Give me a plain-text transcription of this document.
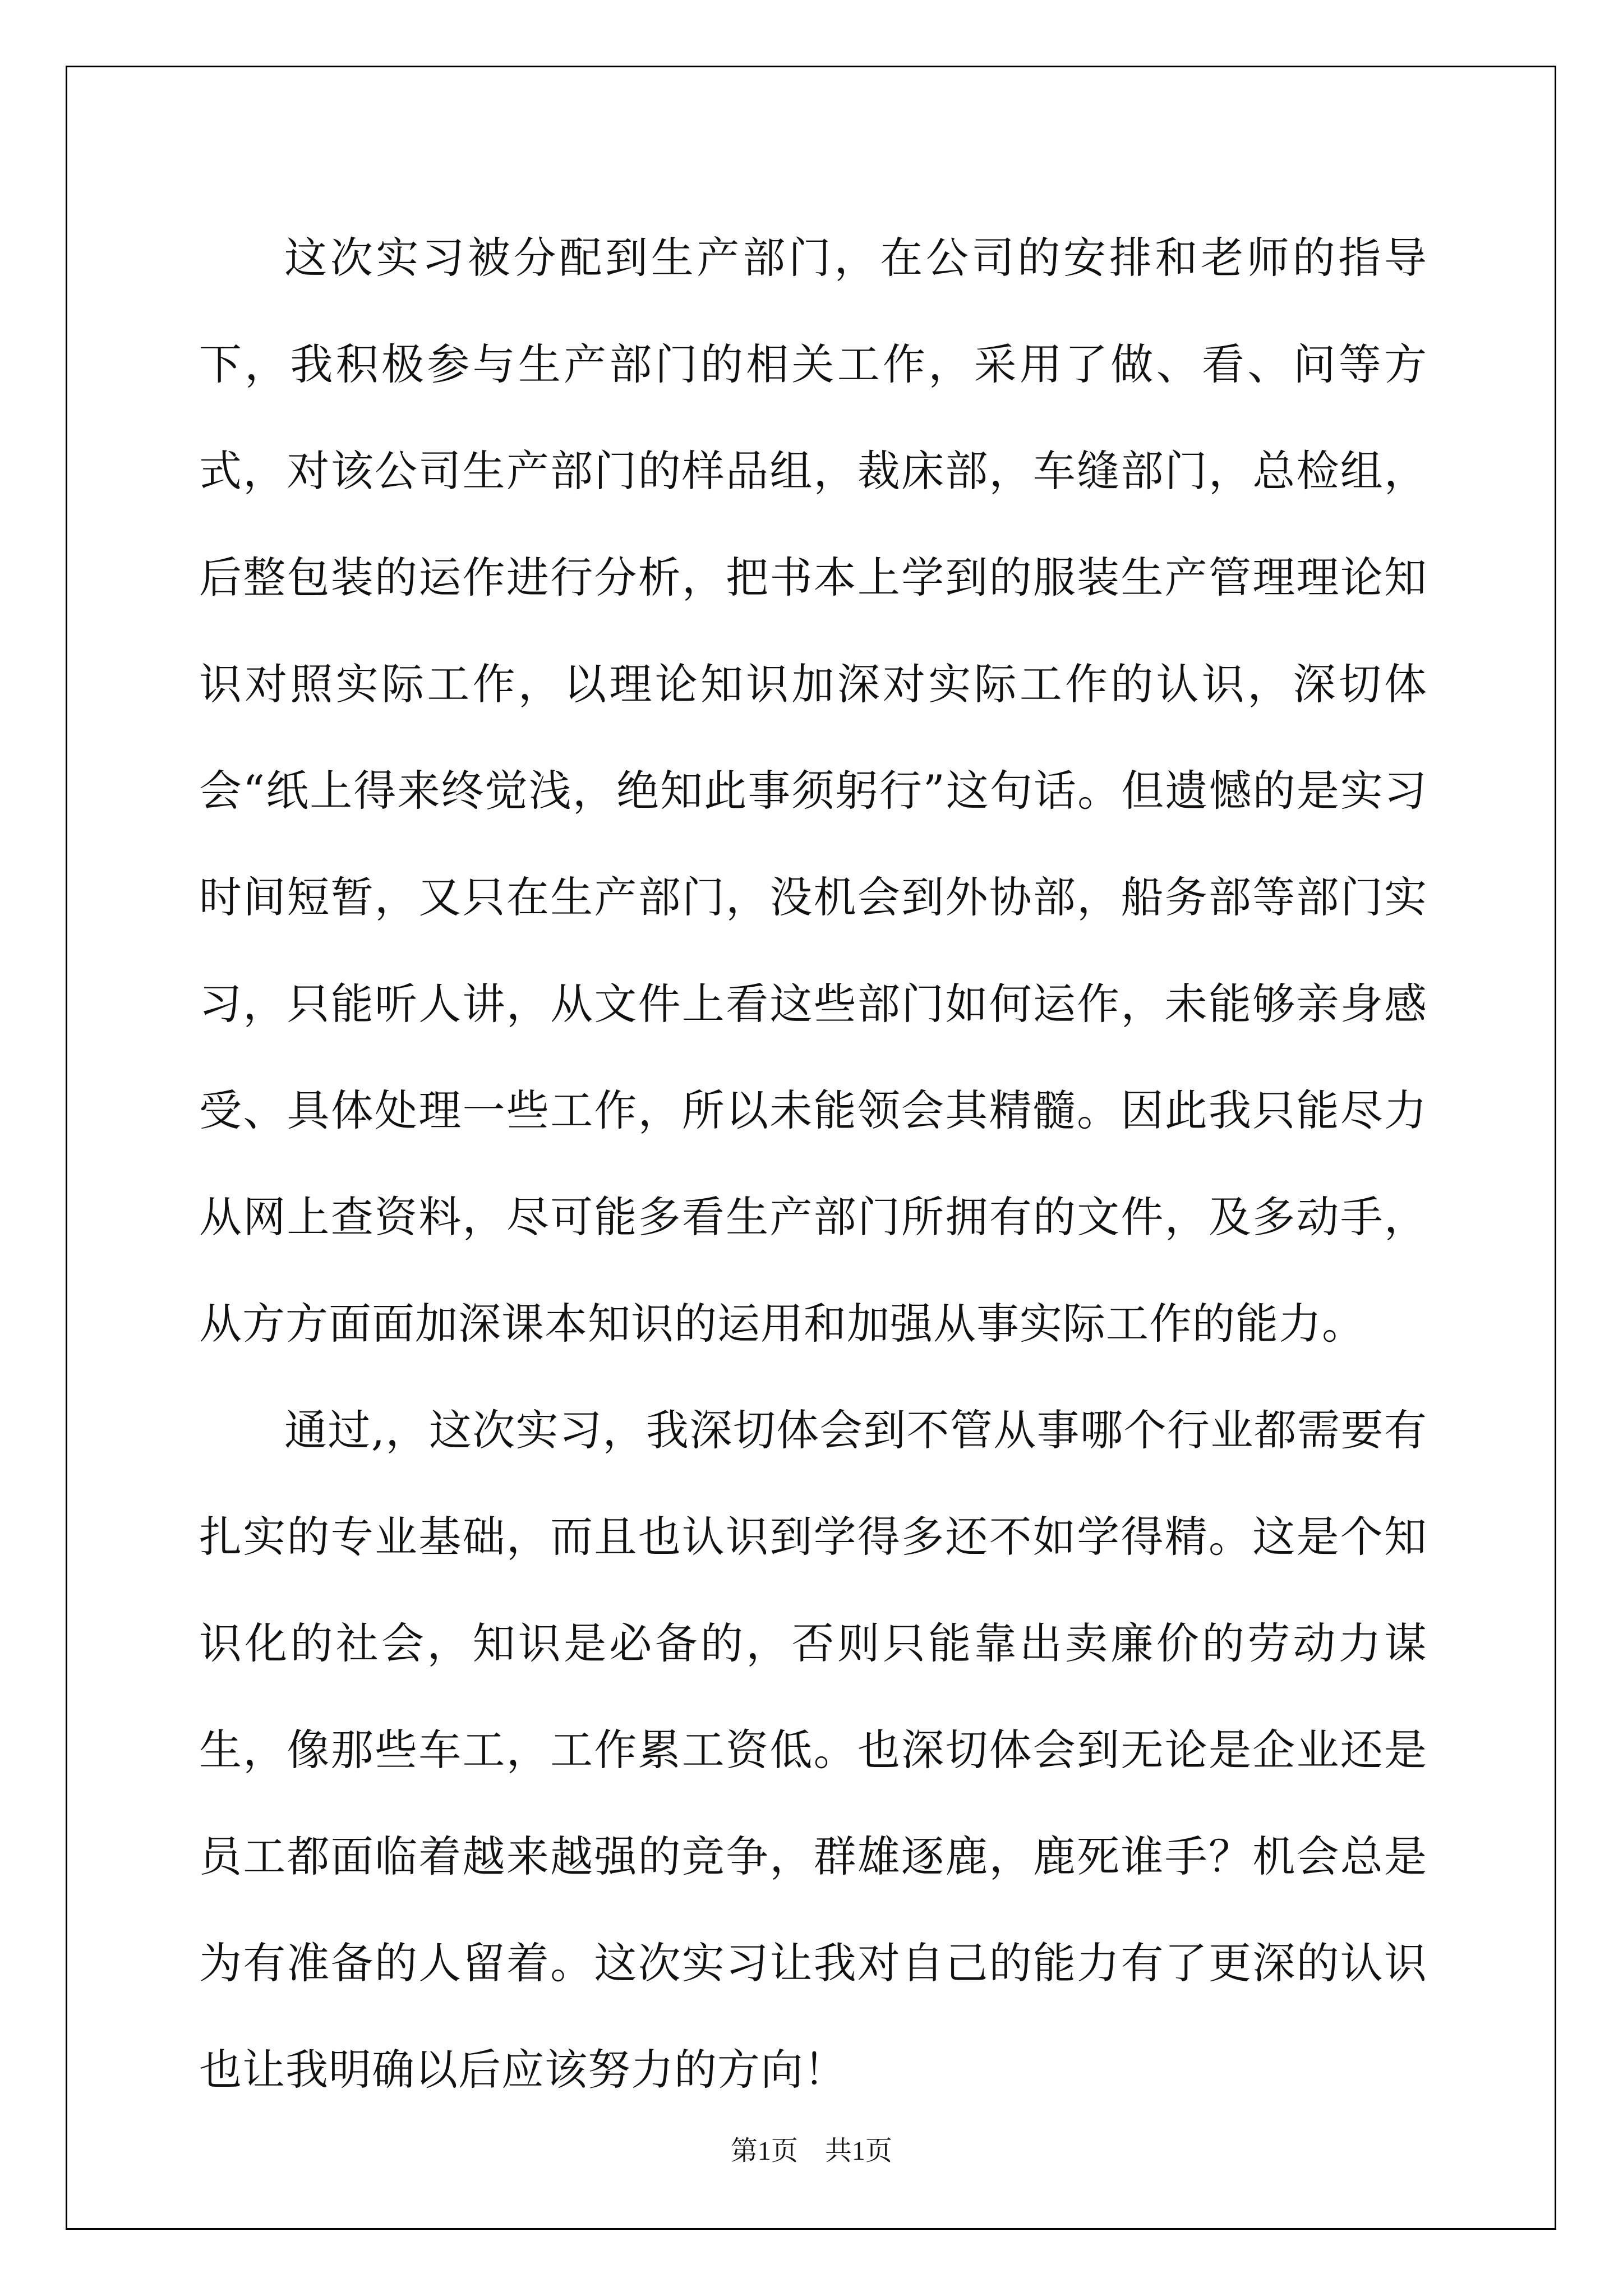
这次实习被分配到生产部门，在公司的安排和老师的指导下，我积极参与生产部门的相关工作，采用了做、看、问等方式，对该公司生产部门的样品组，裁床部，车缝部门，总检组，后整包装的运作进行分析，把书本上学到的服装生产管理理论知识对照实际工作，以理论知识加深对实际工作的认识，深切体会“纸上得来终觉浅，绝知此事须躬行”这句话。但遗憾的是实习时间短暂，又只在生产部门，没机会到外协部，船务部等部门实习，只能听人讲，从文件上看这些部门如何运作，未能够亲身感受、具体处理一些工作，所以未能领会其精髓。因此我只能尽力从网上查资料，尽可能多看生产部门所拥有的文件，及多动手，从方方面面加深课本知识的运用和加强从事实际工作的能力。

通过,，这次实习，我深切体会到不管从事哪个行业都需要有扎实的专业基础，而且也认识到学得多还不如学得精。这是个知识化的社会，知识是必备的，否则只能靠出卖廉价的劳动力谋生，像那些车工，工作累工资低。也深切体会到无论是企业还是员工都面临着越来越强的竞争，群雄逐鹿，鹿死谁手？机会总是为有准备的人留着。这次实习让我对自己的能力有了更深的认识也让我明确以后应该努力的方向！

第1页　共1页
